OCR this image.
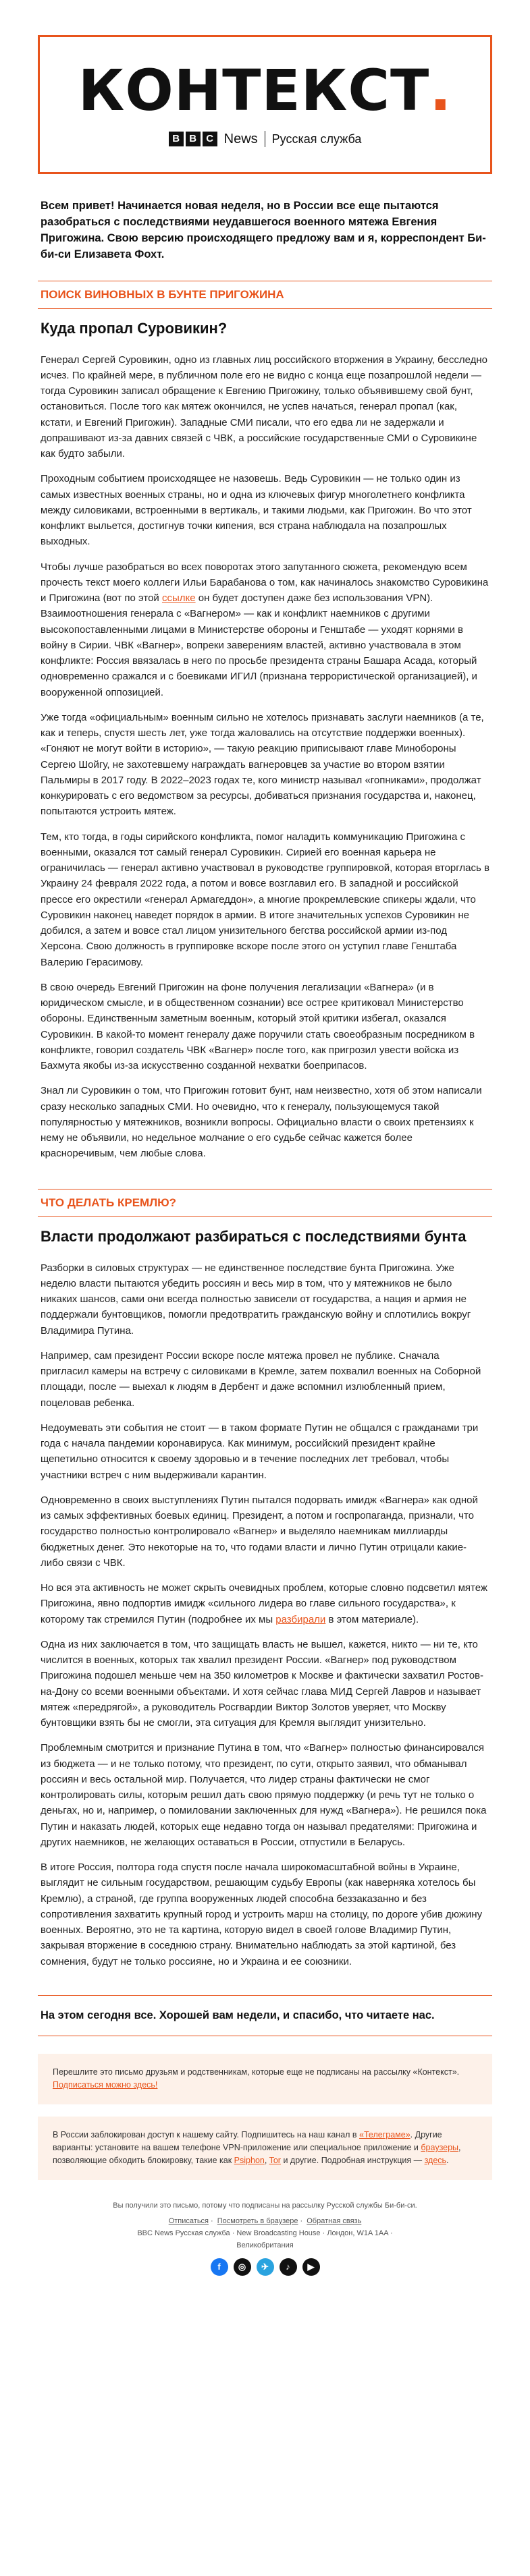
КОНТЕКСТ.
B B C News Русская служба
Всем привет! Начинается новая неделя, но в России все еще пытаются разобраться с последствиями неудавшегося военного мятежа Евгения Пригожина. Свою версию происходящего предложу вам и я, корреспондент Би-би-си Елизавета Фохт.
ПОИСК ВИНОВНЫХ В БУНТЕ ПРИГОЖИНА
Куда пропал Суровикин?

Генерал Сергей Суровикин, одно из главных лиц российского вторжения в Украину, бесследно исчез. По крайней мере, в публичном поле его не видно с конца еще позапрошлой недели — тогда Суровикин записал обращение к Евгению Пригожину, только объявившему свой бунт, остановиться. После того как мятеж окончился, не успев начаться, генерал пропал (как, кстати, и Евгений Пригожин). Западные СМИ писали, что его едва ли не задержали и допрашивают из-за давних связей с ЧВК, а российские государственные СМИ о Суровикине как будто забыли.

Проходным событием происходящее не назовешь. Ведь Суровикин — не только один из самых известных военных страны, но и одна из ключевых фигур многолетнего конфликта между силовиками, встроенными в вертикаль, и такими людьми, как Пригожин. Во что этот конфликт выльется, достигнув точки кипения, вся страна наблюдала на позапрошлых выходных.

Чтобы лучше разобраться во всех поворотах этого запутанного сюжета, рекомендую всем прочесть текст моего коллеги Ильи Барабанова о том, как начиналось знакомство Суровикина и Пригожина (вот по этой ссылке он будет доступен даже без использования VPN). Взаимоотношения генерала с «Вагнером» — как и конфликт наемников с другими высокопоставленными лицами в Министерстве обороны и Генштабе — уходят корнями в войну в Сирии. ЧВК «Вагнер», вопреки заверениям властей, активно участвовала в этом конфликте: Россия ввязалась в него по просьбе президента страны Башара Асада, который одновременно сражался и с боевиками ИГИЛ (признана террористической организацией), и вооруженной оппозицией.

Уже тогда «официальным» военным сильно не хотелось признавать заслуги наемников (а те, как и теперь, спустя шесть лет, уже тогда жаловались на отсутствие поддержки военных). «Гоняют не могут войти в историю», — такую реакцию приписывают главе Минобороны Сергею Шойгу, не захотевшему награждать вагнеровцев за участие во втором взятии Пальмиры в 2017 году. В 2022–2023 годах те, кого министр называл «гопниками», продолжат конкурировать с его ведомством за ресурсы, добиваться признания государства и, наконец, попытаются устроить мятеж.

Тем, кто тогда, в годы сирийского конфликта, помог наладить коммуникацию Пригожина с военными, оказался тот самый генерал Суровикин. Сирией его военная карьера не ограничилась — генерал активно участвовал в руководстве группировкой, которая вторглась в Украину 24 февраля 2022 года, а потом и вовсе возглавил его. В западной и российской прессе его окрестили «генерал Армагеддон», а многие прокремлевские спикеры ждали, что Суровикин наконец наведет порядок в армии. В итоге значительных успехов Суровикин не добился, а затем и вовсе стал лицом унизительного бегства российской армии из-под Херсона. Свою должность в группировке вскоре после этого он уступил главе Генштаба Валерию Герасимову.

В свою очередь Евгений Пригожин на фоне получения легализации «Вагнера» (и в юридическом смысле, и в общественном сознании) все острее критиковал Министерство обороны. Единственным заметным военным, который этой критики избегал, оказался Суровикин. В какой-то момент генералу даже поручили стать своеобразным посредником в конфликте, говорил создатель ЧВК «Вагнер» после того, как пригрозил увести войска из Бахмута якобы из-за искусственно созданной нехватки боеприпасов.

Знал ли Суровикин о том, что Пригожин готовит бунт, нам неизвестно, хотя об этом написали сразу несколько западных СМИ. Но очевидно, что к генералу, пользующемуся такой популярностью у мятежников, возникли вопросы. Официально власти о своих претензиях к нему не объявили, но недельное молчание о его судьбе сейчас кажется более красноречивым, чем любые слова.

ЧТО ДЕЛАТЬ КРЕМЛЮ?
Власти продолжают разбираться с последствиями бунта

Разборки в силовых структурах — не единственное последствие бунта Пригожина. Уже неделю власти пытаются убедить россиян и весь мир в том, что у мятежников не было никаких шансов, сами они всегда полностью зависели от государства, а нация и армия не поддержали бунтовщиков, помогли предотвратить гражданскую войну и сплотились вокруг Владимира Путина.

Например, сам президент России вскоре после мятежа провел не публике. Сначала пригласил камеры на встречу с силовиками в Кремле, затем похвалил военных на Соборной площади, после — выехал к людям в Дербент и даже вспомнил излюбленный прием, поцеловав ребенка.

Недоумевать эти события не стоит — в таком формате Путин не общался с гражданами три года с начала пандемии коронавируса. Как минимум, российский президент крайне щепетильно относится к своему здоровью и в течение последних лет требовал, чтобы участники встреч с ним выдерживали карантин.

Одновременно в своих выступлениях Путин пытался подорвать имидж «Вагнера» как одной из самых эффективных боевых единиц. Президент, а потом и госпропаганда, признали, что государство полностью контролировало «Вагнер» и выделяло наемникам миллиарды бюджетных денег. Это некоторые на то, что годами власти и лично Путин отрицали какие-либо связи с ЧВК.

Но вся эта активность не может скрыть очевидных проблем, которые словно подсветил мятеж Пригожина, явно подпортив имидж «сильного лидера во главе сильного государства», к которому так стремился Путин (подробнее их мы разбирали в этом материале).

Одна из них заключается в том, что защищать власть не вышел, кажется, никто — ни те, кто числится в военных, которых так хвалил президент России. «Вагнер» под руководством Пригожина подошел меньше чем на 350 километров к Москве и фактически захватил Ростов-на-Дону со всеми военными объектами. И хотя сейчас глава МИД Сергей Лавров и называет мятеж «передрягой», а руководитель Росгвардии Виктор Золотов уверяет, что Москву бунтовщики взять бы не смогли, эта ситуация для Кремля выглядит унизительно.

Проблемным смотрится и признание Путина в том, что «Вагнер» полностью финансировался из бюджета — и не только потому, что президент, по сути, открыто заявил, что обманывал россиян и весь остальной мир. Получается, что лидер страны фактически не смог контролировать силы, которым решил дать свою прямую поддержку (и речь тут не только о деньгах, но и, например, о помиловании заключенных для нужд «Вагнера»). Не решился пока Путин и наказать людей, которых еще недавно тогда он называл предателями: Пригожина и других наемников, не желающих оставаться в России, отпустили в Беларусь.

В итоге Россия, полтора года спустя после начала широкомасштабной войны в Украине, выглядит не сильным государством, решающим судьбу Европы (как наверняка хотелось бы Кремлю), а страной, где группа вооруженных людей способна беззаказанно и без сопротивления захватить крупный город и устроить марш на столицу, по дороге убив дюжину военных. Вероятно, это не та картина, которую видел в своей голове Владимир Путин, закрывая вторжение в соседнюю страну. Внимательно наблюдать за этой картиной, без сомнения, будут не только россияне, но и Украина и ее союзники.

На этом сегодня все. Хорошей вам недели, и спасибо, что читаете нас.
Перешлите это письмо друзьям и родственникам, которые еще не подписаны на рассылку «Контекст». Подписаться можно здесь!
В России заблокирован доступ к нашему сайту. Подпишитесь на наш канал в «Телеграме». Другие варианты: установите на вашем телефоне VPN-приложение или специальное приложение и браузеры, позволяющие обходить блокировку, такие как Psiphon, Tor и другие. Подробная инструкция — здесь.
Вы получили это письмо, потому что подписаны на рассылку Русской службы Би-би-си.
Отписаться · Посмотреть в браузере · Обратная связь
BBC News Русская служба · New Broadcasting House · Лондон, W1A 1AA ·
Великобритания
f	◎	✈	♪	▶
